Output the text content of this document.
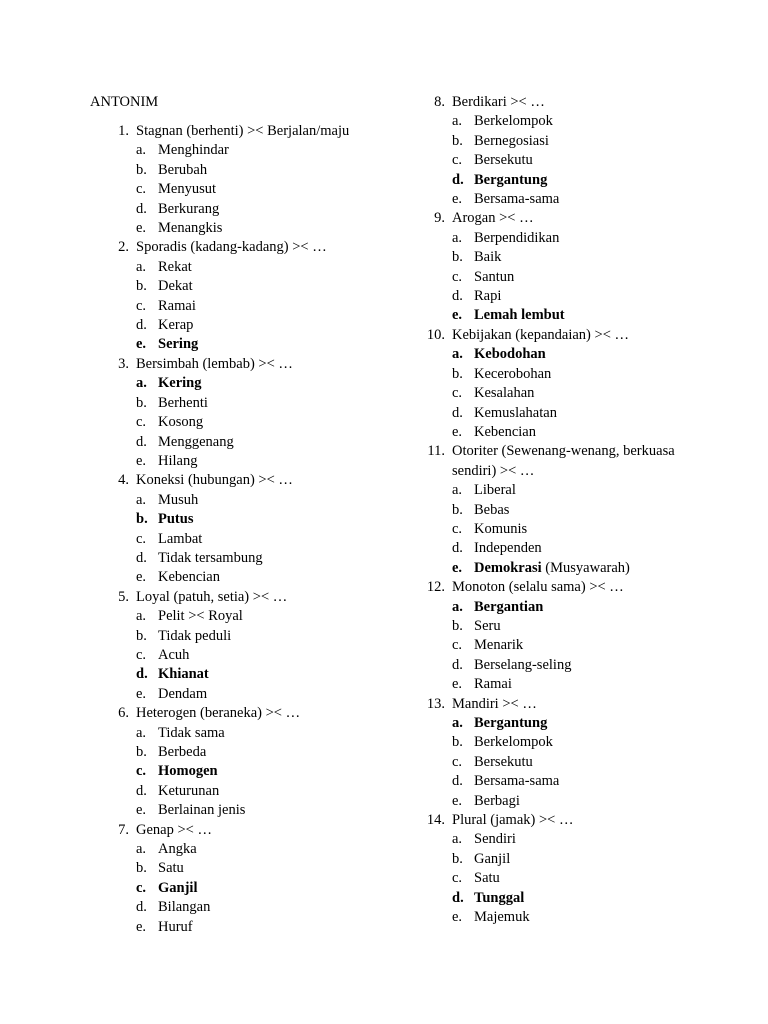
ANTONIM
1. Stagnan (berhenti) >< Berjalan/maju
a. Menghindar
b. Berubah
c. Menyusut
d. Berkurang
e. Menangkis
2. Sporadis (kadang-kadang) >< …
a. Rekat
b. Dekat
c. Ramai
d. Kerap
e. Sering
3. Bersimbah (lembab) >< …
a. Kering
b. Berhenti
c. Kosong
d. Menggenang
e. Hilang
4. Koneksi (hubungan) >< …
a. Musuh
b. Putus
c. Lambat
d. Tidak tersambung
e. Kebencian
5. Loyal (patuh, setia) >< …
a. Pelit >< Royal
b. Tidak peduli
c. Acuh
d. Khianat
e. Dendam
6. Heterogen (beraneka) >< …
a. Tidak sama
b. Berbeda
c. Homogen
d. Keturunan
e. Berlainan jenis
7. Genap >< …
a. Angka
b. Satu
c. Ganjil
d. Bilangan
e. Huruf
8. Berdikari >< …
a. Berkelompok
b. Bernegosiasi
c. Bersekutu
d. Bergantung
e. Bersama-sama
9. Arogan >< …
a. Berpendidikan
b. Baik
c. Santun
d. Rapi
e. Lemah lembut
10. Kebijakan (kepandaian) >< …
a. Kebodohan
b. Kecerobohan
c. Kesalahan
d. Kemuslahatan
e. Kebencian
11. Otoriter (Sewenang-wenang, berkuasa sendiri) >< …
a. Liberal
b. Bebas
c. Komunis
d. Independen
e. Demokrasi (Musyawarah)
12. Monoton (selalu sama) >< …
a. Bergantian
b. Seru
c. Menarik
d. Berselang-seling
e. Ramai
13. Mandiri >< …
a. Bergantung
b. Berkelompok
c. Bersekutu
d. Bersama-sama
e. Berbagi
14. Plural (jamak) >< …
a. Sendiri
b. Ganjil
c. Satu
d. Tunggal
e. Majemuk
